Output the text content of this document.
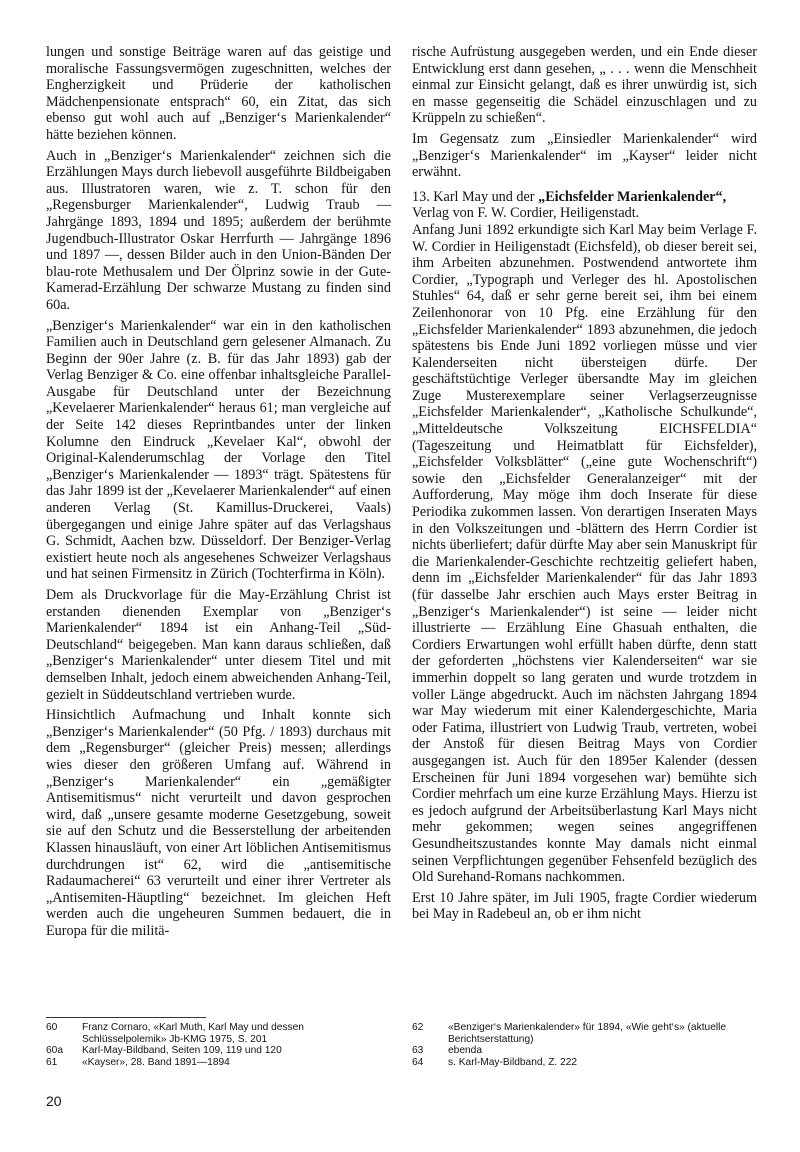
lungen und sonstige Beiträge waren auf das geistige und moralische Fassungsvermögen zugeschnitten, welches der Engherzigkeit und Prüderie der katholischen Mädchenpensionate entsprach“ 60, ein Zitat, das sich ebenso gut wohl auch auf „Benziger‘s Marienkalender“ hätte beziehen können.

Auch in „Benziger‘s Marienkalender“ zeichnen sich die Erzählungen Mays durch liebevoll ausgeführte Bildbeigaben aus. Illustratoren waren, wie z. T. schon für den „Regensburger Marienkalender“, Ludwig Traub — Jahrgänge 1893, 1894 und 1895; außerdem der berühmte Jugendbuch-Illustrator Oskar Herrfurth — Jahrgänge 1896 und 1897 —, dessen Bilder auch in den Union-Bänden Der blau-rote Methusalem und Der Ölprinz sowie in der Gute-Kamerad-Erzählung Der schwarze Mustang zu finden sind 60a.

„Benziger‘s Marienkalender“ war ein in den katholischen Familien auch in Deutschland gern gelesener Almanach. Zu Beginn der 90er Jahre (z. B. für das Jahr 1893) gab der Verlag Benziger & Co. eine offenbar inhaltsgleiche Parallel-Ausgabe für Deutschland unter der Bezeichnung „Kevelaerer Marienkalender“ heraus 61; man vergleiche auf der Seite 142 dieses Reprintbandes unter der linken Kolumne den Eindruck „Kevelaer Kal“, obwohl der Original-Kalenderumschlag der Vorlage den Titel „Benziger‘s Marienkalender — 1893“ trägt. Spätestens für das Jahr 1899 ist der „Kevelaerer Marienkalender“ auf einen anderen Verlag (St. Kamillus-Druckerei, Vaals) übergegangen und einige Jahre später auf das Verlagshaus G. Schmidt, Aachen bzw. Düsseldorf. Der Benziger-Verlag existiert heute noch als angesehenes Schweizer Verlagshaus und hat seinen Firmensitz in Zürich (Tochterfirma in Köln).

Dem als Druckvorlage für die May-Erzählung Christ ist erstanden dienenden Exemplar von „Benziger‘s Marienkalender“ 1894 ist ein Anhang-Teil „Süd-Deutschland“ beigegeben. Man kann daraus schließen, daß „Benziger‘s Marienkalender“ unter diesem Titel und mit demselben Inhalt, jedoch einem abweichenden Anhang-Teil, gezielt in Süddeutschland vertrieben wurde.

Hinsichtlich Aufmachung und Inhalt konnte sich „Benziger‘s Marienkalender“ (50 Pfg. / 1893) durchaus mit dem „Regensburger“ (gleicher Preis) messen; allerdings wies dieser den größeren Umfang auf. Während in „Benziger‘s Marienkalender“ ein „gemäßigter Antisemitismus“ nicht verurteilt und davon gesprochen wird, daß „unsere gesamte moderne Gesetzgebung, soweit sie auf den Schutz und die Besserstellung der arbeitenden Klassen hinausläuft, von einer Art löblichen Antisemitismus durchdrungen ist“ 62, wird die „antisemitische Radaumacherei“ 63 verurteilt und einer ihrer Vertreter als „Antisemiten-Häuptling“ bezeichnet. Im gleichen Heft werden auch die ungeheuren Summen bedauert, die in Europa für die militä-

rische Aufrüstung ausgegeben werden, und ein Ende dieser Entwicklung erst dann gesehen, „ . . . wenn die Menschheit einmal zur Einsicht gelangt, daß es ihrer unwürdig ist, sich en masse gegenseitig die Schädel einzuschlagen und zu Krüppeln zu schießen“.

Im Gegensatz zum „Einsiedler Marienkalender“ wird „Benziger‘s Marienkalender“ im „Kayser“ leider nicht erwähnt.

13. Karl May und der „Eichsfelder Marienkalender“,
Verlag von F. W. Cordier, Heiligenstadt.

Anfang Juni 1892 erkundigte sich Karl May beim Verlage F. W. Cordier in Heiligenstadt (Eichsfeld), ob dieser bereit sei, ihm Arbeiten abzunehmen. Postwendend antwortete ihm Cordier, „Typograph und Verleger des hl. Apostolischen Stuhles“ 64, daß er sehr gerne bereit sei, ihm bei einem Zeilenhonorar von 10 Pfg. eine Erzählung für den „Eichsfelder Marienkalender“ 1893 abzunehmen, die jedoch spätestens bis Ende Juni 1892 vorliegen müsse und vier Kalenderseiten nicht übersteigen dürfe. Der geschäftstüchtige Verleger übersandte May im gleichen Zuge Musterexemplare seiner Verlagserzeugnisse „Eichsfelder Marienkalender“, „Katholische Schulkunde“, „Mitteldeutsche Volkszeitung EICHSFELDIA“ (Tageszeitung und Heimatblatt für Eichsfelder), „Eichsfelder Volksblätter“ („eine gute Wochenschrift“) sowie den „Eichsfelder Generalanzeiger“ mit der Aufforderung, May möge ihm doch Inserate für diese Periodika zukommen lassen. Von derartigen Inseraten Mays in den Volkszeitungen und -blättern des Herrn Cordier ist nichts überliefert; dafür dürfte May aber sein Manuskript für die Marienkalender-Geschichte rechtzeitig geliefert haben, denn im „Eichsfelder Marienkalender“ für das Jahr 1893 (für dasselbe Jahr erschien auch Mays erster Beitrag in „Benziger‘s Marienkalender“) ist seine — leider nicht illustrierte — Erzählung Eine Ghasuah enthalten, die Cordiers Erwartungen wohl erfüllt haben dürfte, denn statt der geforderten „höchstens vier Kalenderseiten“ war sie immerhin doppelt so lang geraten und wurde trotzdem in voller Länge abgedruckt. Auch im nächsten Jahrgang 1894 war May wiederum mit einer Kalendergeschichte, Maria oder Fatima, illustriert von Ludwig Traub, vertreten, wobei der Anstoß für diesen Beitrag Mays von Cordier ausgegangen ist. Auch für den 1895er Kalender (dessen Erscheinen für Juni 1894 vorgesehen war) bemühte sich Cordier mehrfach um eine kurze Erzählung Mays. Hierzu ist es jedoch aufgrund der Arbeitsüberlastung Karl Mays nicht mehr gekommen; wegen seines angegriffenen Gesundheitszustandes konnte May damals nicht einmal seinen Verpflichtungen gegenüber Fehsenfeld bezüglich des Old Surehand-Romans nachkommen.

Erst 10 Jahre später, im Juli 1905, fragte Cordier wiederum bei May in Radebeul an, ob er ihm nicht

60	Franz Cornaro, «Karl Muth, Karl May und dessen Schlüsselpolemik» Jb-KMG 1975, S. 201
60a	Karl-May-Bildband, Seiten 109, 119 und 120
61	«Kayser», 28. Band 1891—1894
62	«Benziger‘s Marienkalender» für 1894, «Wie geht‘s» (aktuelle Berichtserstattung)
63	ebenda
64	s. Karl-May-Bildband, Z. 222
20
